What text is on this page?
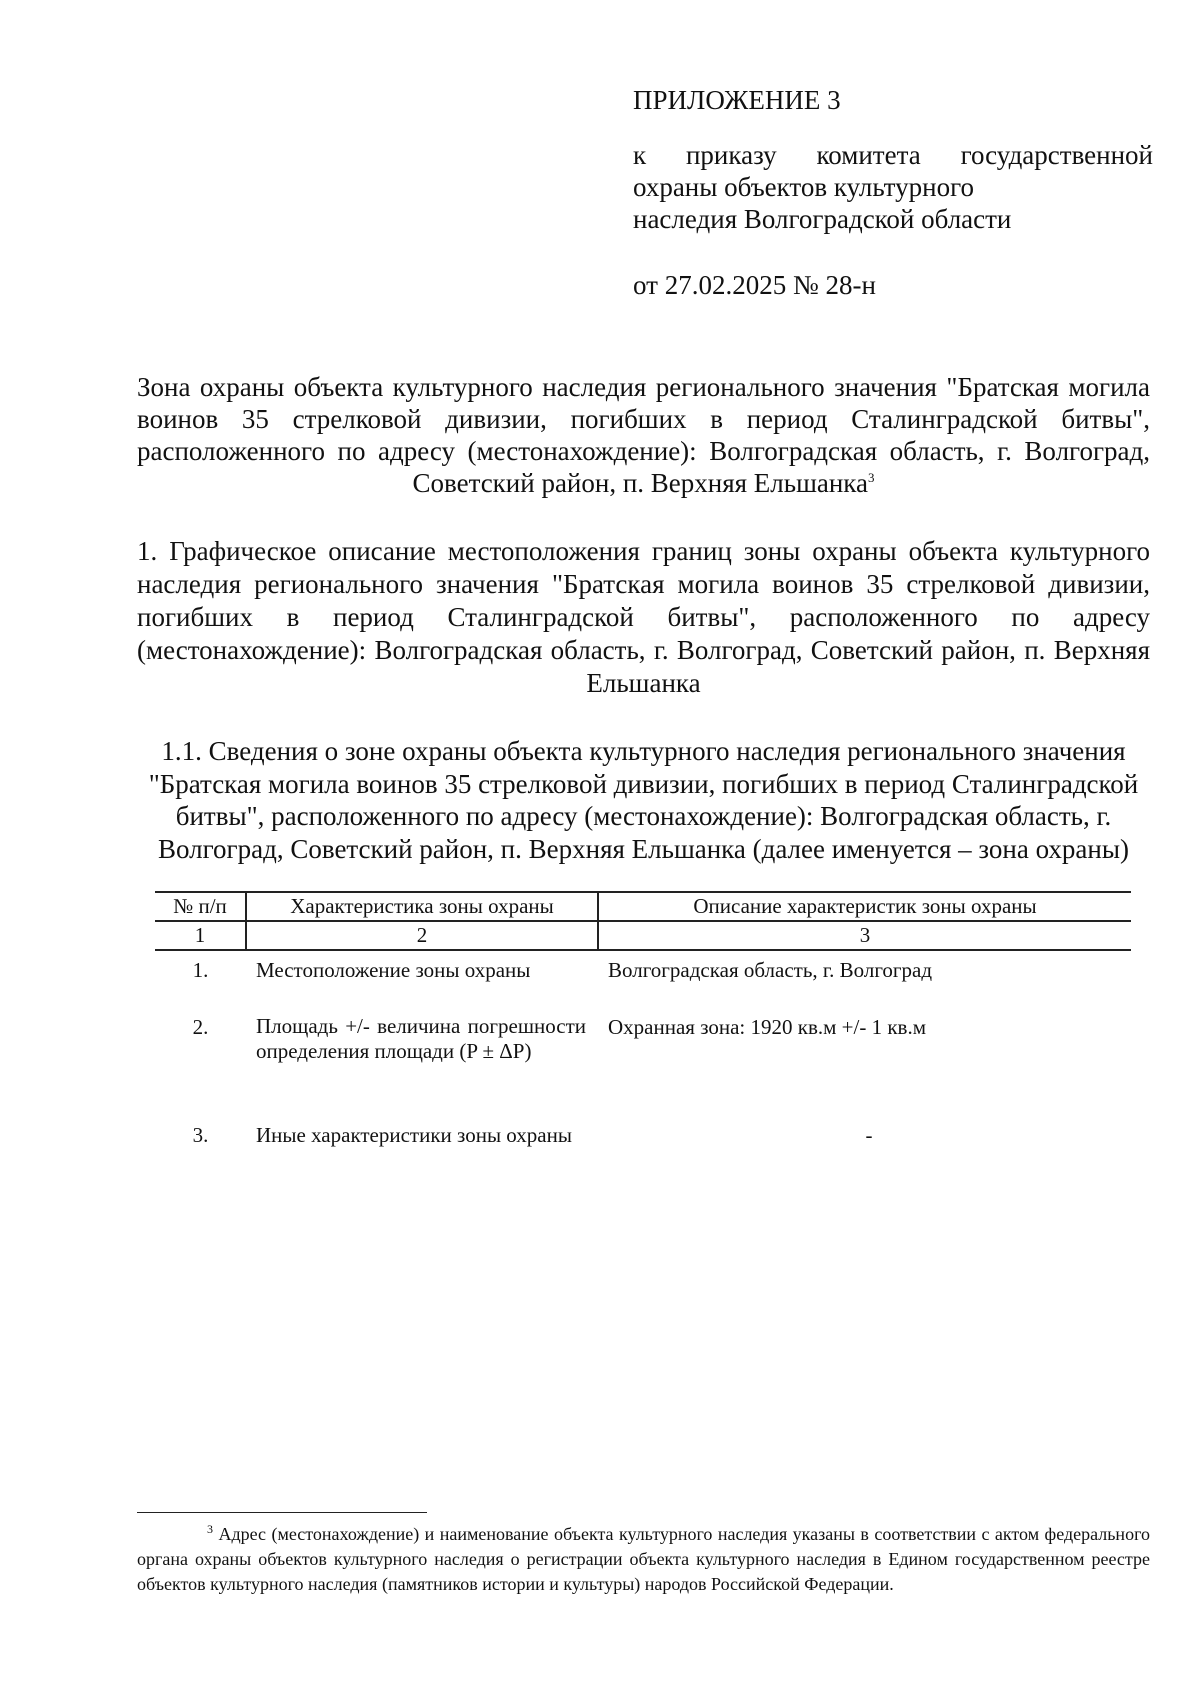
ПРИЛОЖЕНИЕ 3
к приказу комитета государственной
охраны объектов культурного
наследия Волгоградской области
от 27.02.2025 № 28-н
Зона охраны объекта культурного наследия регионального значения "Братская могила воинов 35 стрелковой дивизии, погибших в период Сталинградской битвы", расположенного по адресу (местонахождение): Волгоградская область, г. Волгоград, Советский район, п. Верхняя Ельшанка$^3$
1. Графическое описание местоположения границ зоны охраны объекта культурного наследия регионального значения "Братская могила воинов 35 стрелковой дивизии, погибших в период Сталинградской битвы", расположенного по адресу (местонахождение): Волгоградская область, г. Волгоград, Советский район, п. Верхняя Ельшанка
1.1. Сведения о зоне охраны объекта культурного наследия регионального значения "Братская могила воинов 35 стрелковой дивизии, погибших в период Сталинградской битвы", расположенного по адресу (местонахождение): Волгоградская область, г. Волгоград, Советский район, п. Верхняя Ельшанка (далее именуется – зона охраны)
№ п/п	Характеристика зоны охраны	Описание характеристик зоны охраны
1	2	3
1.	Местоположение зоны охраны	Волгоградская область, г. Волгоград
2.	Площадь +/- величина погрешности определения площади (P ± ΔP)	Охранная зона: 1920 кв.м +/- 1 кв.м
3.	Иные характеристики зоны охраны	-
$^3$ Адрес (местонахождение) и наименование объекта культурного наследия указаны в соответствии с актом федерального органа охраны объектов культурного наследия о регистрации объекта культурного наследия в Едином государственном реестре объектов культурного наследия (памятников истории и культуры) народов Российской Федерации.
